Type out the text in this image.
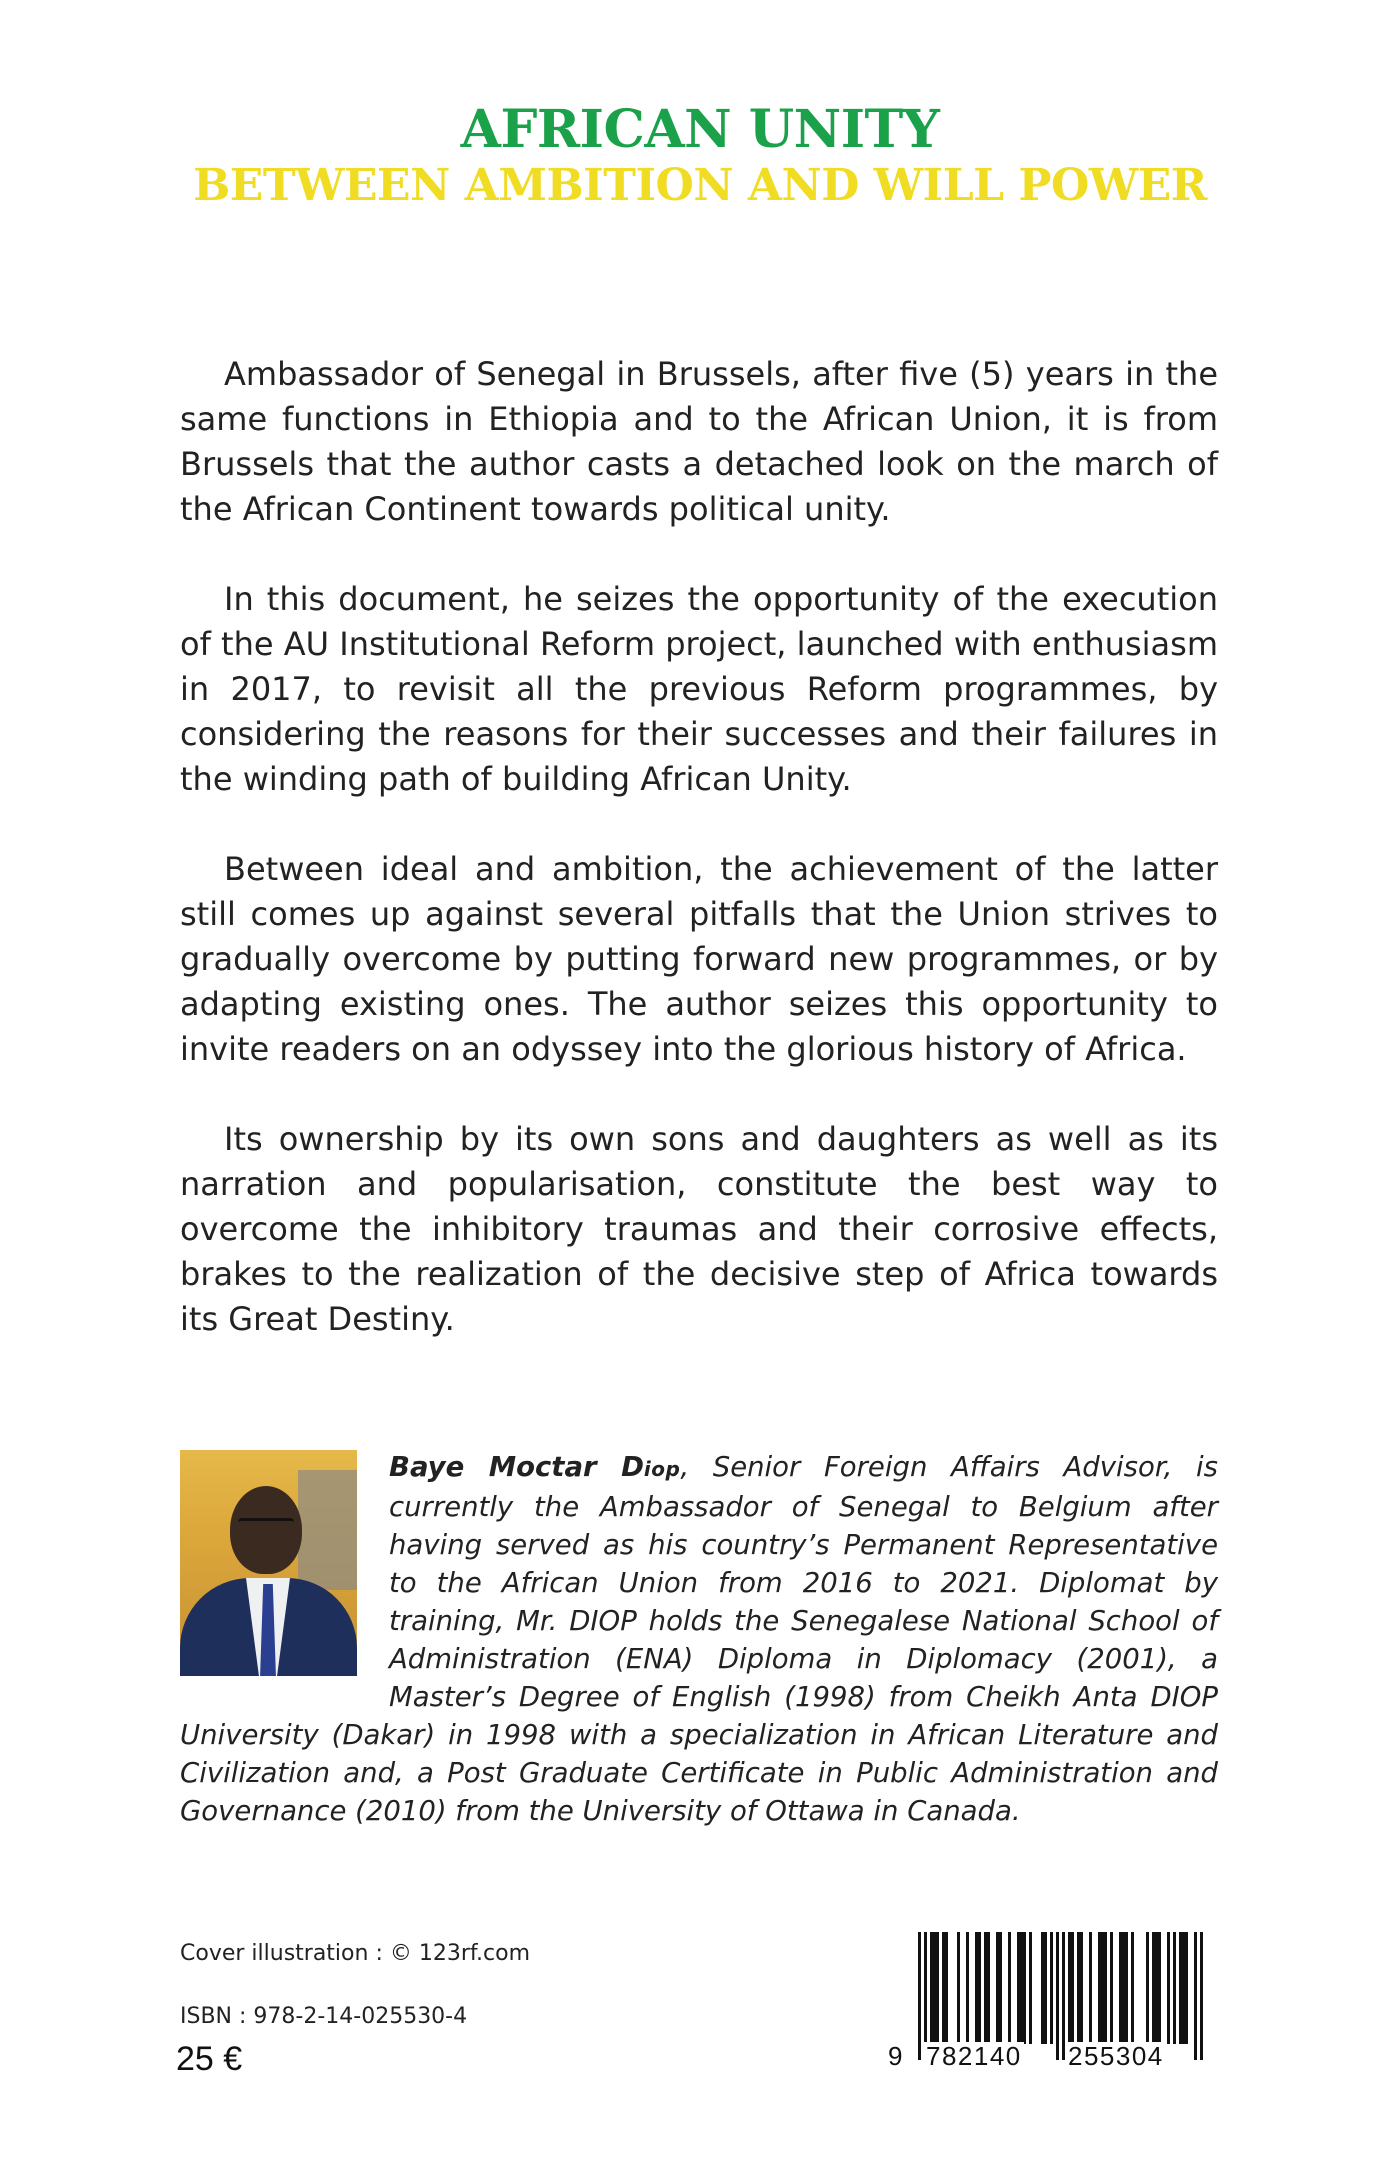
AFRICAN UNITY
BETWEEN AMBITION AND WILL POWER

Ambassador of Senegal in Brussels, after five (5) years in the same functions in Ethiopia and to the African Union, it is from Brussels that the author casts a detached look on the march of the African Continent towards political unity.

In this document, he seizes the opportunity of the execution of the AU Institutional Reform project, launched with enthusiasm in 2017, to revisit all the previous Reform programmes, by considering the reasons for their successes and their failures in the winding path of building African Unity.

Between ideal and ambition, the achievement of the latter still comes up against several pitfalls that the Union strives to gradually overcome by putting forward new programmes, or by adapting existing ones. The author seizes this opportunity to invite readers on an odyssey into the glorious history of Africa.

Its ownership by its own sons and daughters as well as its narration and popularisation, constitute the best way to overcome the inhibitory traumas and their corrosive effects, brakes to the realization of the decisive step of Africa towards its Great Destiny.

Baye Moctar Diop, Senior Foreign Affairs Advisor, is currently the Ambassador of Senegal to Belgium after having served as his country’s Permanent Representative to the African Union from 2016 to 2021. Diplomat by training, Mr. DIOP holds the Senegalese National School of Administration (ENA) Diploma in Diplomacy (2001), a Master’s Degree of English (1998) from Cheikh Anta DIOP University (Dakar) in 1998 with a specialization in African Literature and Civilization and, a Post Graduate Certificate in Public Administration and Governance (2010) from the University of Ottawa in Canada.

Cover illustration : © 123rf.com
ISBN : 978-2-14-025530-4
25 €	9 782140 255304
